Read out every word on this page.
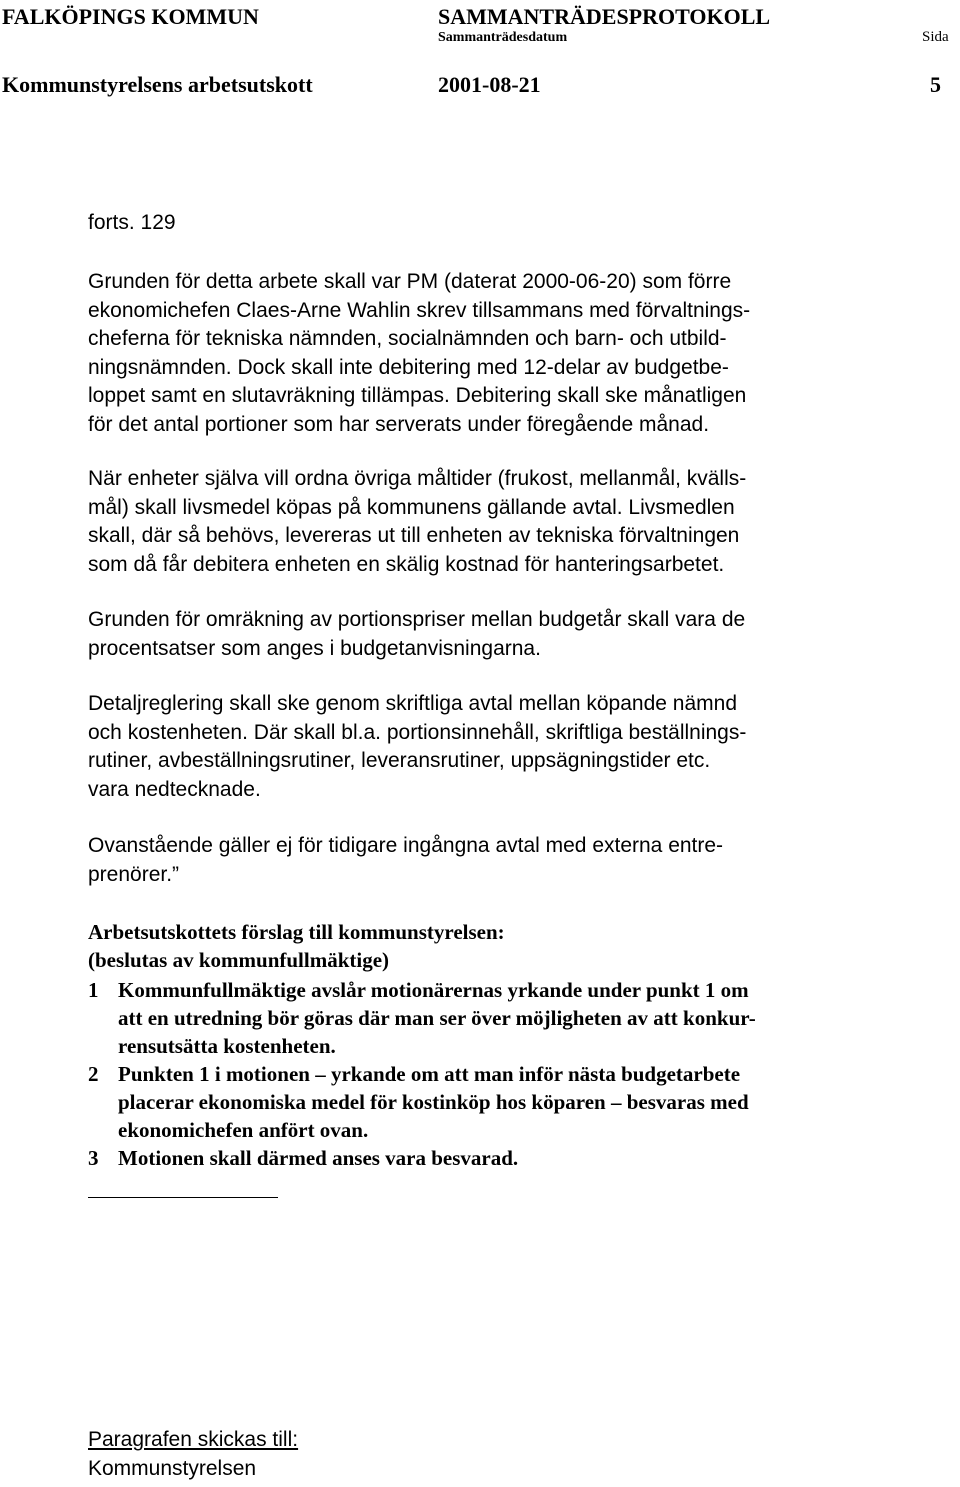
FALKÖPINGS KOMMUN	SAMMANTRÄDESPROTOKOLL
Sammanträdesdatum	Sida
Kommunstyrelsens arbetsutskott	2001-08-21	5
forts. 129
Grunden för detta arbete skall var PM (daterat 2000-06-20) som förre
ekonomichefen Claes-Arne Wahlin skrev tillsammans med förvaltnings-
cheferna för tekniska nämnden, socialnämnden och barn- och utbild-
ningsnämnden. Dock skall inte debitering med 12-delar av budgetbe-
loppet samt en slutavräkning tillämpas. Debitering skall ske månatligen
för det antal portioner som har serverats under föregående månad.
När enheter själva vill ordna övriga måltider (frukost, mellanmål, kvälls-
mål) skall livsmedel köpas på kommunens gällande avtal. Livsmedlen
skall, där så behövs, levereras ut till enheten av tekniska förvaltningen
som då får debitera enheten en skälig kostnad för hanteringsarbetet.
Grunden för omräkning av portionspriser mellan budgetår skall vara de
procentsatser som anges i budgetanvisningarna.
Detaljreglering skall ske genom skriftliga avtal mellan köpande nämnd
och kostenheten. Där skall bl.a. portionsinnehåll, skriftliga beställnings-
rutiner, avbeställningsrutiner, leveransrutiner, uppsägningstider etc.
vara nedtecknade.
Ovanstående gäller ej för tidigare ingångna avtal med externa entre-
prenörer.”
Arbetsutskottets förslag till kommunstyrelsen:
(beslutas av kommunfullmäktige)
1 Kommunfullmäktige avslår motionärernas yrkande under punkt 1 om
att en utredning bör göras där man ser över möjligheten av att konkur-
rensutsätta kostenheten.
2 Punkten 1 i motionen – yrkande om att man inför nästa budgetarbete
placerar ekonomiska medel för kostinköp hos köparen – besvaras med
ekonomichefen anfört ovan.
3 Motionen skall därmed anses vara besvarad.
Paragrafen skickas till:
Kommunstyrelsen
